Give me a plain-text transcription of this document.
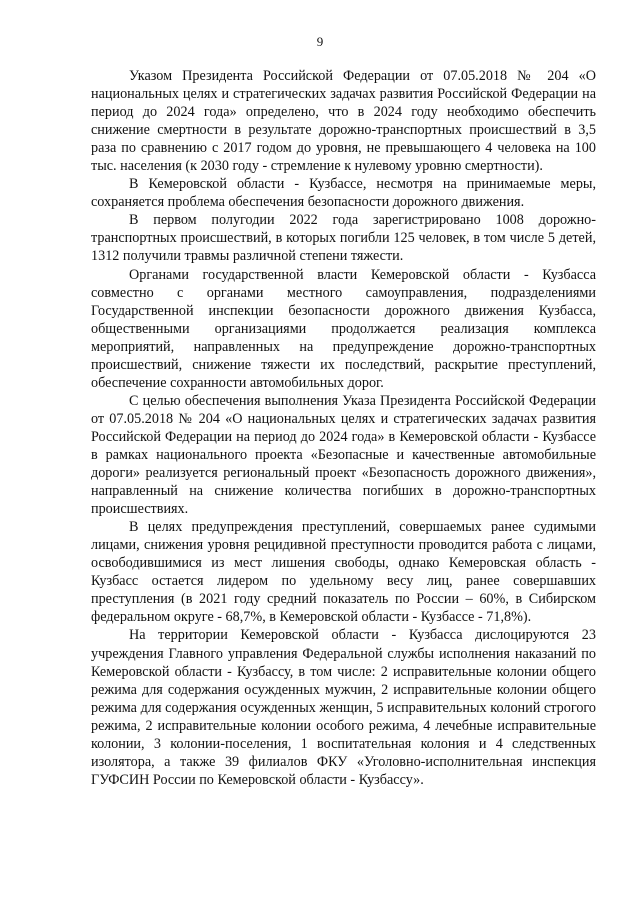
9

Указом Президента Российской Федерации от 07.05.2018 № 204 «О национальных целях и стратегических задачах развития Российской Федерации на период до 2024 года» определено, что в 2024 году необходимо обеспечить снижение смертности в результате дорожно-транспортных происшествий в 3,5 раза по сравнению с 2017 годом до уровня, не превышающего 4 человека на 100 тыс. населения (к 2030 году - стремление к нулевому уровню смертности).

В Кемеровской области - Кузбассе, несмотря на принимаемые меры, сохраняется проблема обеспечения безопасности дорожного движения.

В первом полугодии 2022 года зарегистрировано 1008 дорожно-транспортных происшествий, в которых погибли 125 человек, в том числе 5 детей, 1312 получили травмы различной степени тяжести.

Органами государственной власти Кемеровской области - Кузбасса совместно с органами местного самоуправления, подразделениями Государственной инспекции безопасности дорожного движения Кузбасса, общественными организациями продолжается реализация комплекса мероприятий, направленных на предупреждение дорожно-транспортных происшествий, снижение тяжести их последствий, раскрытие преступлений, обеспечение сохранности автомобильных дорог.

С целью обеспечения выполнения Указа Президента Российской Федерации от 07.05.2018 № 204 «О национальных целях и стратегических задачах развития Российской Федерации на период до 2024 года» в Кемеровской области - Кузбассе в рамках национального проекта «Безопасные и качественные автомобильные дороги» реализуется региональный проект «Безопасность дорожного движения», направленный на снижение количества погибших в дорожно-транспортных происшествиях.

В целях предупреждения преступлений, совершаемых ранее судимыми лицами, снижения уровня рецидивной преступности проводится работа с лицами, освободившимися из мест лишения свободы, однако Кемеровская область - Кузбасс остается лидером по удельному весу лиц, ранее совершавших преступления (в 2021 году средний показатель по России – 60%, в Сибирском федеральном округе - 68,7%, в Кемеровской области - Кузбассе - 71,8%).

На территории Кемеровской области - Кузбасса дислоцируются 23 учреждения Главного управления Федеральной службы исполнения наказаний по Кемеровской области - Кузбассу, в том числе: 2 исправительные колонии общего режима для содержания осужденных мужчин, 2 исправительные колонии общего режима для содержания осужденных женщин, 5 исправительных колоний строгого режима, 2 исправительные колонии особого режима, 4 лечебные исправительные колонии, 3 колонии-поселения, 1 воспитательная колония и 4 следственных изолятора, а также 39 филиалов ФКУ «Уголовно-исполнительная инспекция ГУФСИН России по Кемеровской области - Кузбассу».
